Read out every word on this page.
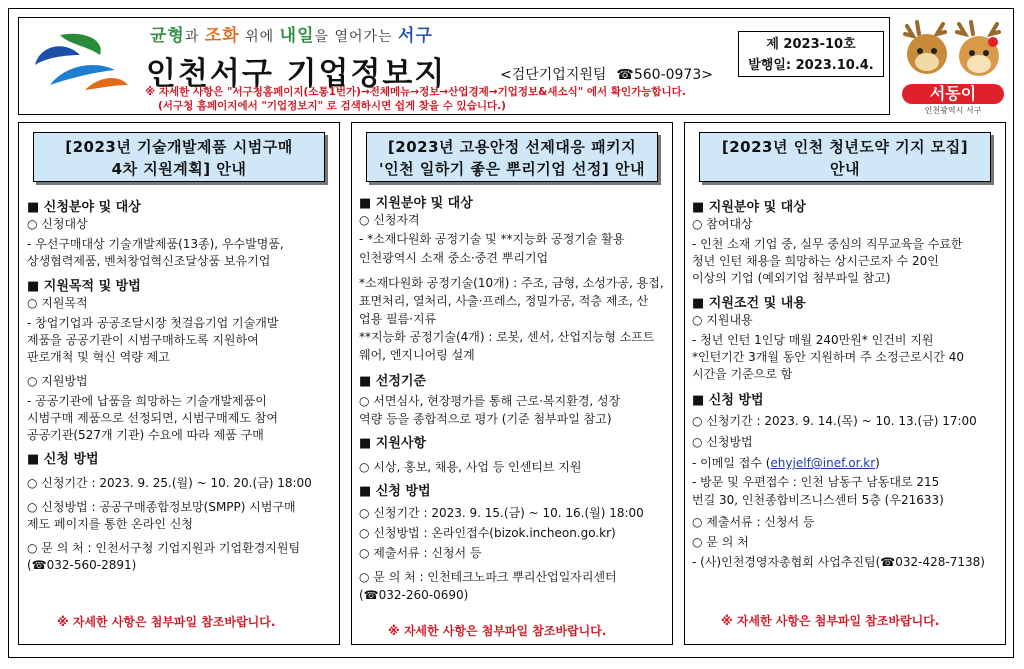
균형과 조화 위에 내일을 열어가는 서구
인천서구 기업정보지	<검단기업지원팀 ☎560-0973>
제 2023-10호
발행일: 2023.10.4.
※ 자세한 사항은 "서구청홈페이지(소통1번가)→전체메뉴→정보→산업경제→기업정보&새소식" 에서 확인가능합니다.
(서구청 홈페이지에서 "기업정보지" 로 검색하시면 쉽게 찾을 수 있습니다.)
서동이
인천광역시 서구
[2023년 기술개발제품 시범구매
4차 지원계획] 안내
■ 신청분야 및 대상
○ 신청대상
- 우선구매대상 기술개발제품(13종), 우수발명품,
상생협력제품, 벤처창업혁신조달상품 보유기업
■ 지원목적 및 방법
○ 지원목적
- 창업기업과 공공조달시장 첫걸음기업 기술개발
제품을 공공기관이 시범구매하도록 지원하여
판로개척 및 혁신 역량 제고
○ 지원방법
- 공공기관에 납품을 희망하는 기술개발제품이
시범구매 제품으로 선정되면, 시범구매제도 참여
공공기관(527개 기관) 수요에 따라 제품 구매
■ 신청 방법
○ 신청기간 : 2023. 9. 25.(월) ~ 10. 20.(금) 18:00
○ 신청방법 : 공공구매종합정보망(SMPP) 시범구매
제도 페이지를 통한 온라인 신청
○ 문 의 처 : 인천서구청 기업지원과 기업환경지원팀
(☎032-560-2891)
※ 자세한 사항은 첨부파일 참조바랍니다.
[2023년 고용안정 선제대응 패키지
'인천 일하기 좋은 뿌리기업 선정] 안내
■ 지원분야 및 대상
○ 신청자격
- *소재다원화 공정기술 및 **지능화 공정기술 활용
인천광역시 소재 중소·중견 뿌리기업
*소재다원화 공정기술(10개) : 주조, 금형, 소성가공, 용접,
표면처리, 열처리, 사출·프레스, 정밀가공, 적층 제조, 산
업용 필름·지류
**지능화 공정기술(4개) : 로봇, 센서, 산업지능형 소프트
웨어, 엔지니어링 설계
■ 선정기준
○ 서면심사, 현장평가를 통해 근로·복지환경, 성장
역량 등을 종합적으로 평가 (기준 첨부파일 참고)
■ 지원사항
○ 시상, 홍보, 채용, 사업 등 인센티브 지원
■ 신청 방법
○ 신청기간 : 2023. 9. 15.(금) ~ 10. 16.(월) 18:00
○ 신청방법 : 온라인접수(bizok.incheon.go.kr)
○ 제출서류 : 신청서 등
○ 문 의 처 : 인천테크노파크 뿌리산업일자리센터
(☎032-260-0690)
※ 자세한 사항은 첨부파일 참조바랍니다.
[2023년 인천 청년도약 기지 모집]
안내
■ 지원분야 및 대상
○ 참여대상
- 인천 소재 기업 중, 실무 중심의 직무교육을 수료한
청년 인턴 채용을 희망하는 상시근로자 수 20인
이상의 기업 (예외기업 첨부파일 참고)
■ 지원조건 및 내용
○ 지원내용
- 청년 인턴 1인당 매월 240만원* 인건비 지원
*인턴기간 3개월 동안 지원하며 주 소정근로시간 40
시간을 기준으로 함
■ 신청 방법
○ 신청기간 : 2023. 9. 14.(목) ~ 10. 13.(금) 17:00
○ 신청방법
- 이메일 접수 (ehyjelf@inef.or.kr)
- 방문 및 우편접수 : 인천 남동구 남동대로 215
번길 30, 인천종합비즈니스센터 5층 (우21633)
○ 제출서류 : 신청서 등
○ 문 의 처
- (사)인천경영자총협회 사업추진팀(☎032-428-7138)
※ 자세한 사항은 첨부파일 참조바랍니다.
